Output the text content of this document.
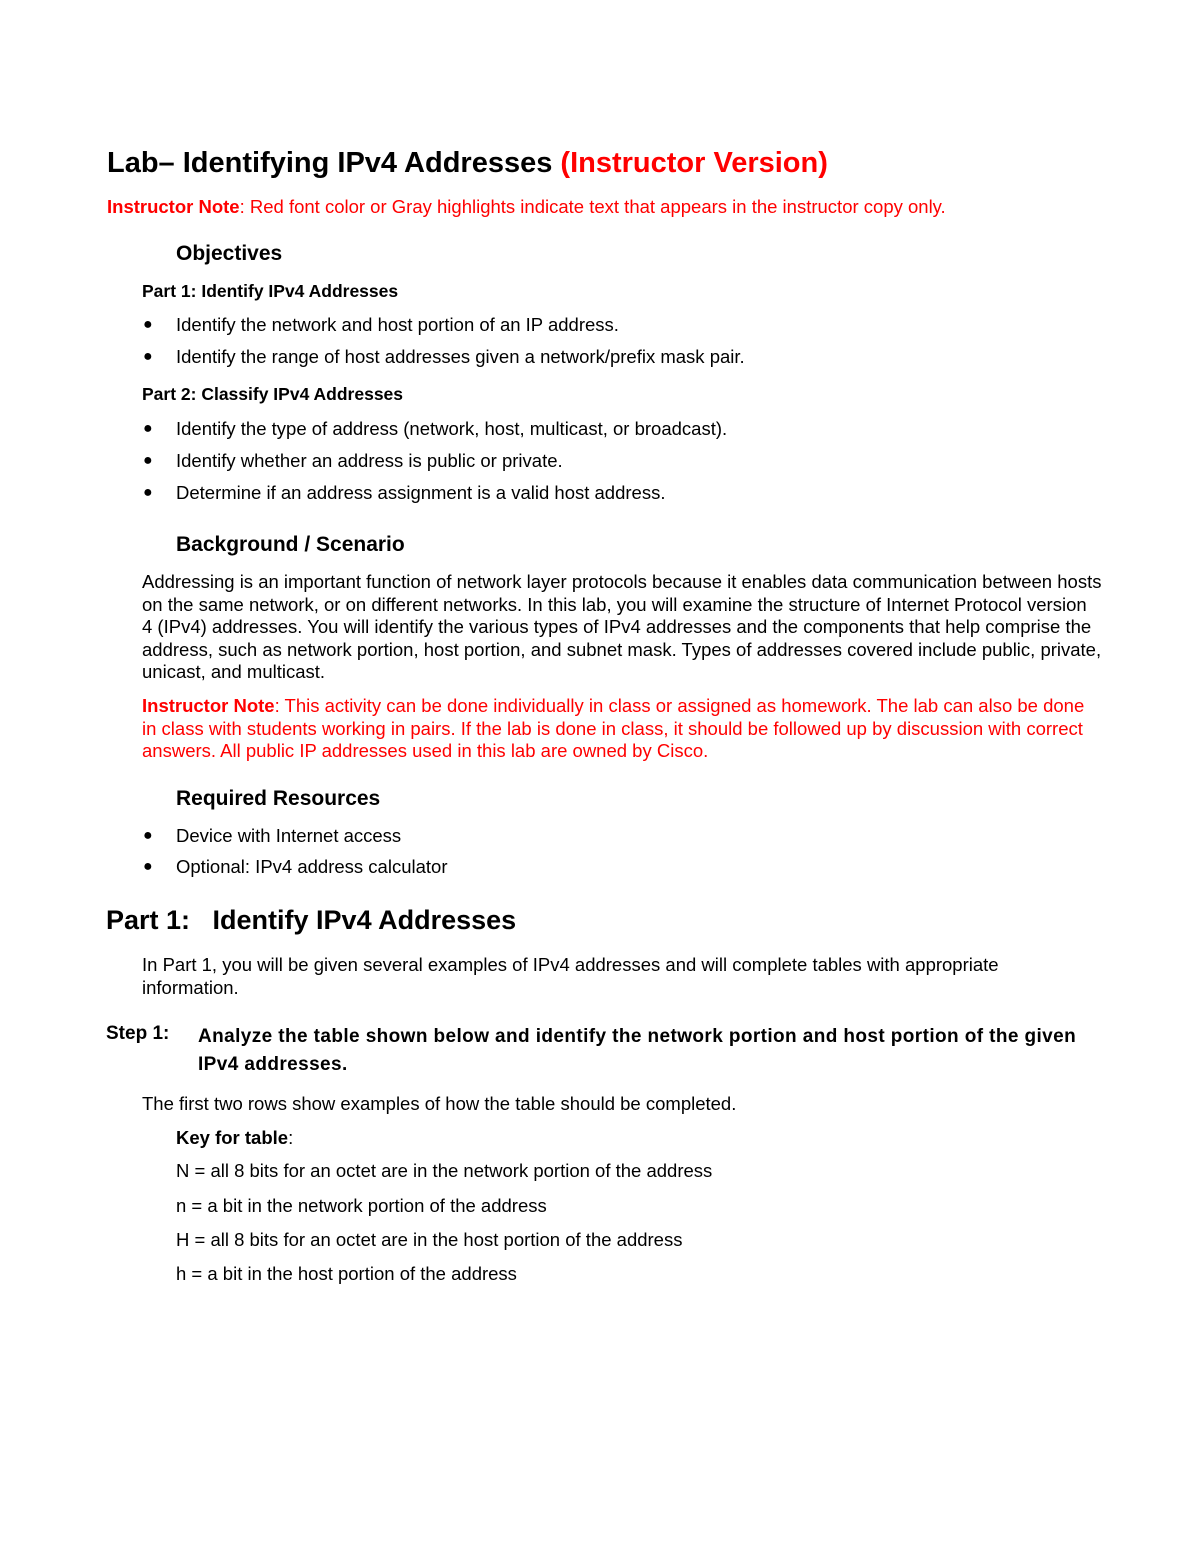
Lab– Identifying IPv4 Addresses (Instructor Version)
Instructor Note: Red font color or Gray highlights indicate text that appears in the instructor copy only.
Objectives
Part 1: Identify IPv4 Addresses
● Identify the network and host portion of an IP address.
● Identify the range of host addresses given a network/prefix mask pair.
Part 2: Classify IPv4 Addresses
● Identify the type of address (network, host, multicast, or broadcast).
● Identify whether an address is public or private.
● Determine if an address assignment is a valid host address.
Background / Scenario

Addressing is an important function of network layer protocols because it enables data communication between hosts on the same network, or on different networks. In this lab, you will examine the structure of Internet Protocol version 4 (IPv4) addresses. You will identify the various types of IPv4 addresses and the components that help comprise the address, such as network portion, host portion, and subnet mask. Types of addresses covered include public, private, unicast, and multicast.

Instructor Note: This activity can be done individually in class or assigned as homework. The lab can also be done in class with students working in pairs. If the lab is done in class, it should be followed up by discussion with correct answers. All public IP addresses used in this lab are owned by Cisco.

Required Resources
● Device with Internet access
● Optional: IPv4 address calculator
Part 1:   Identify IPv4 Addresses

In Part 1, you will be given several examples of IPv4 addresses and will complete tables with appropriate information.

Step 1: Analyze the table shown below and identify the network portion and host portion of the given IPv4 addresses.

The first two rows show examples of how the table should be completed.
Key for table:
N = all 8 bits for an octet are in the network portion of the address
n = a bit in the network portion of the address
H = all 8 bits for an octet are in the host portion of the address
h = a bit in the host portion of the address
